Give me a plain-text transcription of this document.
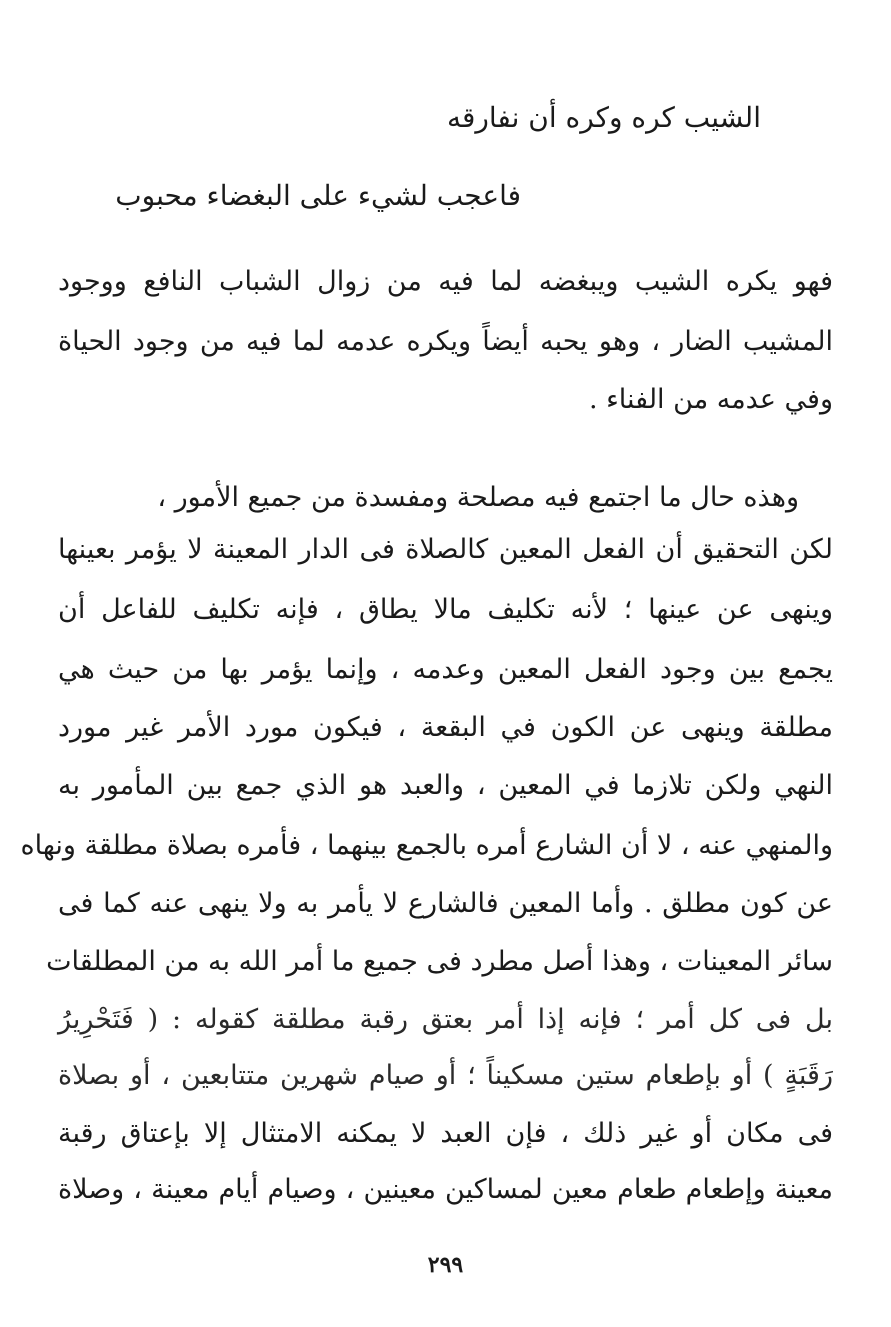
الشيب كره وكره أن نفارقه
فاعجب لشيء على البغضاء محبوب
فهو يكره الشيب ويبغضه لما فيه من زوال الشباب النافع ووجود
المشيب الضار ، وهو يحبه أيضاً ويكره عدمه لما فيه من وجود الحياة
وفي عدمه من الفناء .
وهذه حال ما اجتمع فيه مصلحة ومفسدة من جميع الأمور ،
لكن التحقيق أن الفعل المعين كالصلاة فى الدار المعينة لا يؤمر بعينها
وينهى عن عينها ؛ لأنه تكليف مالا يطاق ، فإنه تكليف للفاعل أن
يجمع بين وجود الفعل المعين وعدمه ، وإنما يؤمر بها من حيث هي
مطلقة وينهى عن الكون في البقعة ، فيكون مورد الأمر غير مورد
النهي ولكن تلازما في المعين ، والعبد هو الذي جمع بين المأمور به
والمنهي عنه ، لا أن الشارع أمره بالجمع بينهما ، فأمره بصلاة مطلقة ونهاه
عن كون مطلق . وأما المعين فالشارع لا يأمر به ولا ينهى عنه كما فى
سائر المعينات ، وهذا أصل مطرد فى جميع ما أمر الله به من المطلقات
بل فى كل أمر ؛ فإنه إذا أمر بعتق رقبة مطلقة كقوله : ( فَتَحْرِيرُ
رَقَبَةٍ ) أو بإطعام ستين مسكيناً ؛ أو صيام شهرين متتابعين ، أو بصلاة
فى مكان أو غير ذلك ، فإن العبد لا يمكنه الامتثال إلا بإعتاق رقبة
معينة وإطعام طعام معين لمساكين معينين ، وصيام أيام معينة ، وصلاة
٢٩٩
